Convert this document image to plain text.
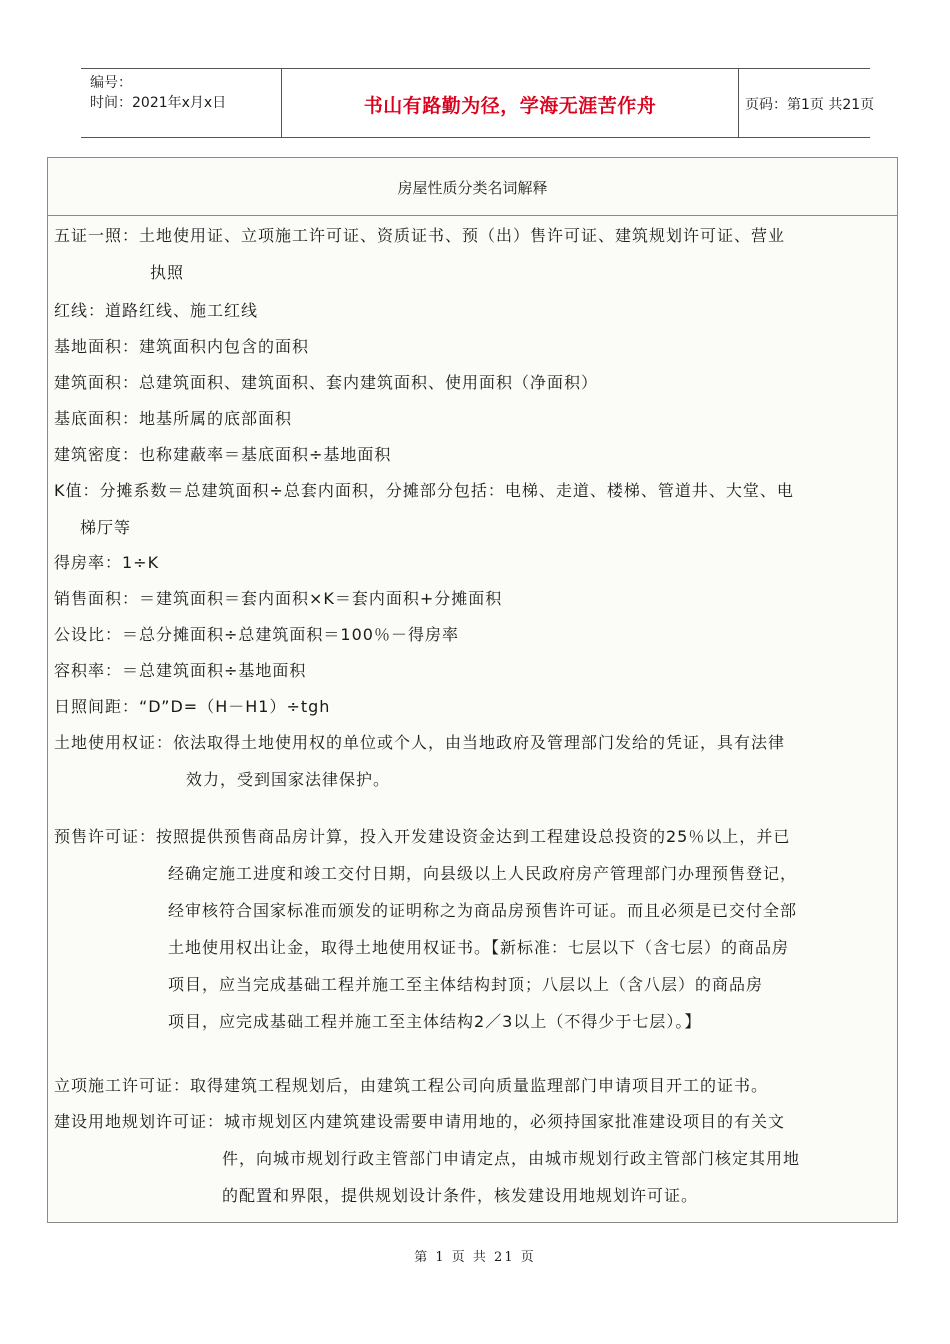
编号：
时间：2021年x月x日	书山有路勤为径，学海无涯苦作舟	页码：第1页 共21页
房屋性质分类名词解释
五证一照：土地使用证、立项施工许可证、资质证书、预（出）售许可证、建筑规划许可证、营业
执照
红线：道路红线、施工红线
基地面积：建筑面积内包含的面积
建筑面积：总建筑面积、建筑面积、套内建筑面积、使用面积（净面积）
基底面积：地基所属的底部面积
建筑密度：也称建蔽率＝基底面积÷基地面积
K值：分摊系数＝总建筑面积÷总套内面积，分摊部分包括：电梯、走道、楼梯、管道井、大堂、电
梯厅等
得房率：1÷K
销售面积：＝建筑面积＝套内面积×K＝套内面积+分摊面积
公设比：＝总分摊面积÷总建筑面积＝100％－得房率
容积率：＝总建筑面积÷基地面积
日照间距：“D”D=（H－H1）÷tgh
土地使用权证：依法取得土地使用权的单位或个人，由当地政府及管理部门发给的凭证，具有法律
效力，受到国家法律保护。
预售许可证：按照提供预售商品房计算，投入开发建设资金达到工程建设总投资的25％以上，并已
经确定施工进度和竣工交付日期，向县级以上人民政府房产管理部门办理预售登记，
经审核符合国家标准而颁发的证明称之为商品房预售许可证。而且必须是已交付全部
土地使用权出让金，取得土地使用权证书。【新标准：七层以下（含七层）的商品房
项目，应当完成基础工程并施工至主体结构封顶；八层以上（含八层）的商品房
项目，应完成基础工程并施工至主体结构2／3以上（不得少于七层）。】
立项施工许可证：取得建筑工程规划后，由建筑工程公司向质量监理部门申请项目开工的证书。
建设用地规划许可证：城市规划区内建筑建设需要申请用地的，必须持国家批准建设项目的有关文
件，向城市规划行政主管部门申请定点，由城市规划行政主管部门核定其用地
的配置和界限，提供规划设计条件，核发建设用地规划许可证。
第 1 页 共 21 页
